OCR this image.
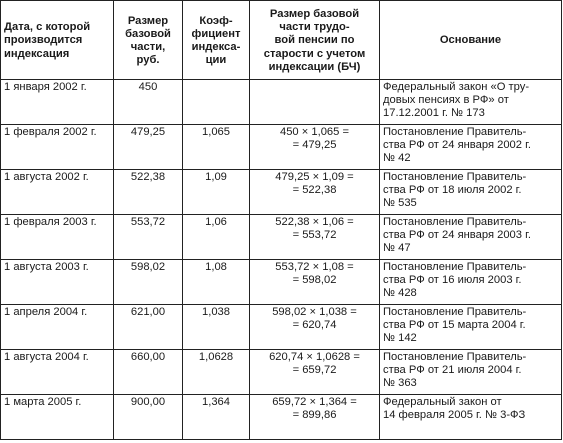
Дата, с которой
производится
индексация	Размер
базовой
части,
руб.	Коэф-
фициент
индекса-
ции	Размер базовой
части трудо-
вой пенсии по
старости с учетом
индексации (БЧ)	Основание

1 января 2002 г.	450			Федеральный закон «О тру-
довых пенсиях в РФ» от
17.12.2001 г. № 173

1 февраля 2002 г.	479,25	1,065	450 × 1,065 =
= 479,25	Постановление Правитель-
ства РФ от 24 января 2002 г.
№ 42

1 августа 2002 г.	522,38	1,09	479,25 × 1,09 =
= 522,38	Постановление Правитель-
ства РФ от 18 июля 2002 г.
№ 535

1 февраля 2003 г.	553,72	1,06	522,38 × 1,06 =
= 553,72	Постановление Правитель-
ства РФ от 24 января 2003 г.
№ 47

1 августа 2003 г.	598,02	1,08	553,72 × 1,08 =
= 598,02	Постановление Правитель-
ства РФ от 16 июля 2003 г.
№ 428

1 апреля 2004 г.	621,00	1,038	598,02 × 1,038 =
= 620,74	Постановление Правитель-
ства РФ от 15 марта 2004 г.
№ 142

1 августа 2004 г.	660,00	1,0628	620,74 × 1,0628 =
= 659,72	Постановление Правитель-
ства РФ от 21 июля 2004 г.
№ 363

1 марта 2005 г.	900,00	1,364	659,72 × 1,364 =
= 899,86	Федеральный закон от
14 февраля 2005 г. № 3-ФЗ
